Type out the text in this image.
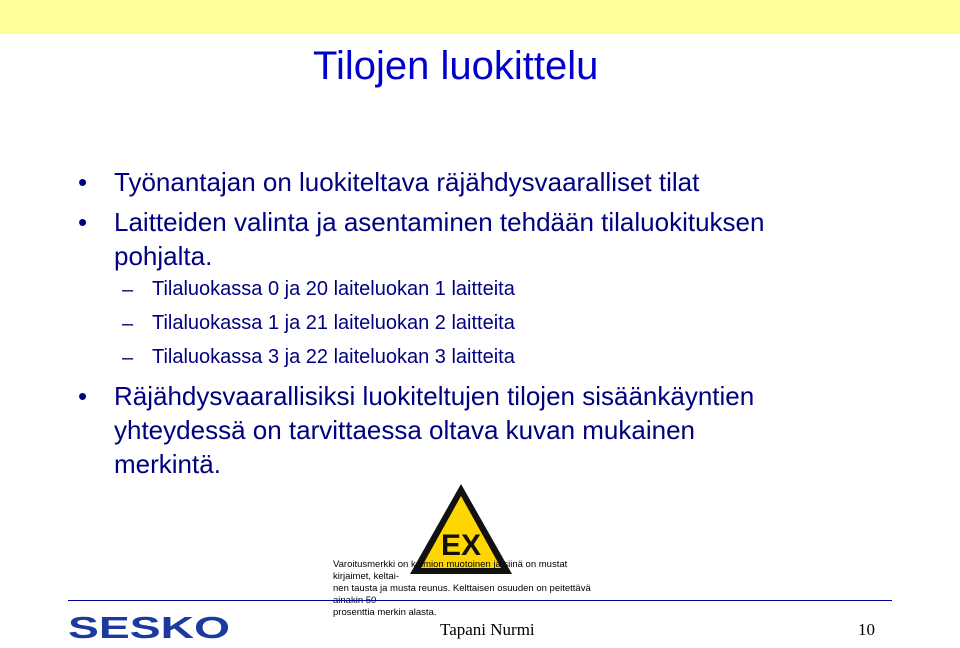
Tilojen luokittelu
•	Työnantajan on luokiteltava räjähdysvaaralliset tilat
•	Laitteiden valinta ja asentaminen tehdään tilaluokituksen
pohjalta.
– Tilaluokassa 0 ja 20 laiteluokan 1 laitteita
– Tilaluokassa 1 ja 21 laiteluokan 2 laitteita
– Tilaluokassa 3 ja 22 laiteluokan 3 laitteita
•	Räjähdysvaarallisiksi luokiteltujen tilojen sisäänkäyntien
yhteydessä on tarvittaessa oltava kuvan mukainen
merkintä.
EX
Varoitusmerkki on kolmion muotoinen ja siinä on mustat kirjaimet, keltai-
nen tausta ja musta reunus. Kelttaisen osuuden on peitettävä ainakin 50
prosenttia merkin alasta.
SESKO	Tapani Nurmi	10
